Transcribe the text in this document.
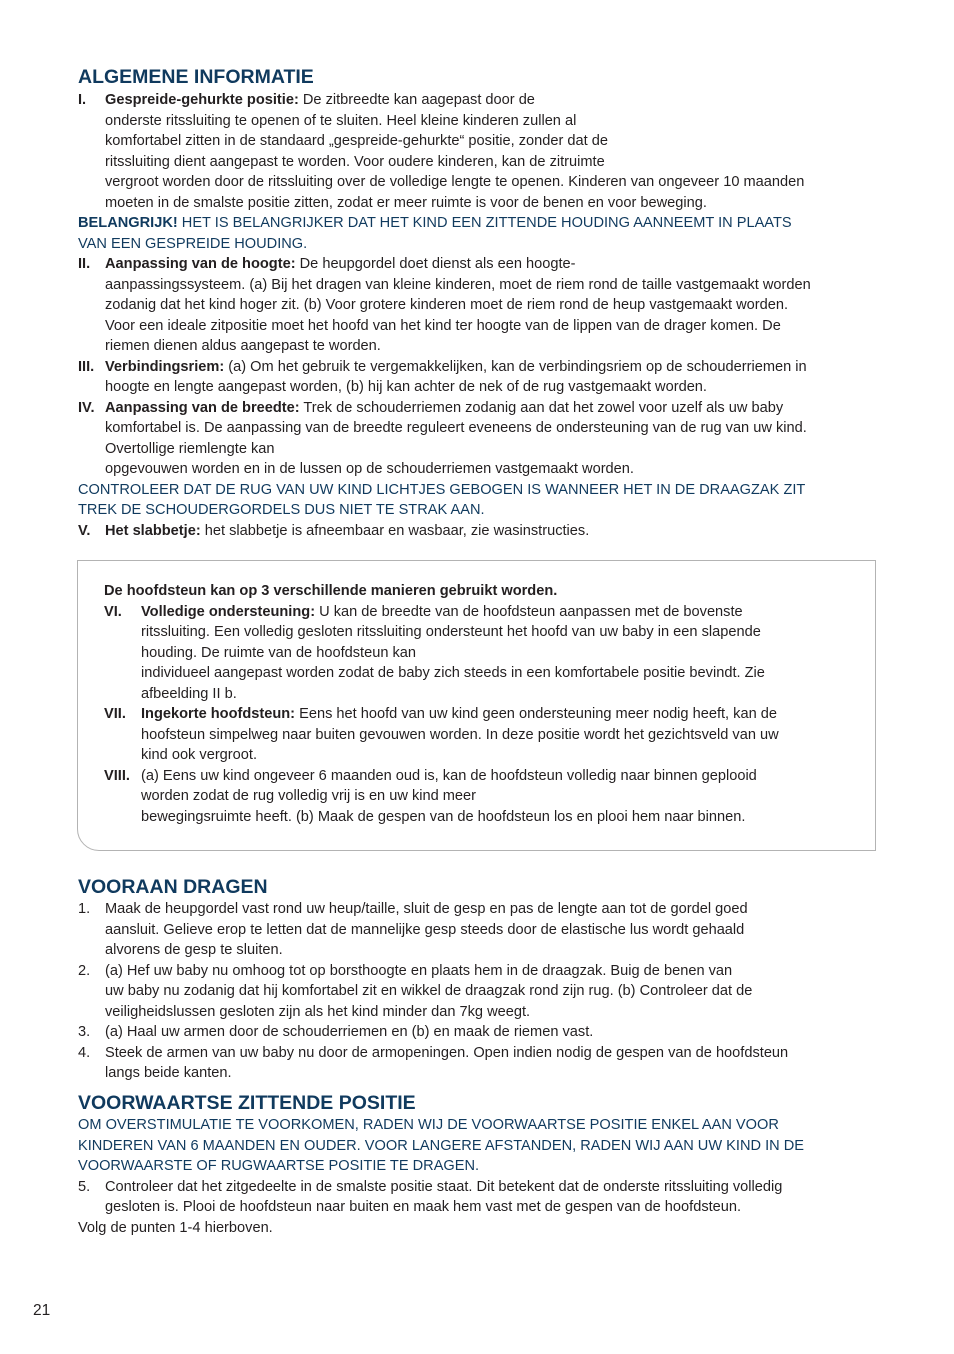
ALGEMENE INFORMATIE
I. Gespreide-gehurkte positie: De zitbreedte kan aagepast door de
onderste ritssluiting te openen of te sluiten. Heel kleine kinderen zullen al
komfortabel zitten in de standaard „gespreide-gehurkte“ positie, zonder dat de
ritssluiting dient aangepast te worden. Voor oudere kinderen, kan de zitruimte
vergroot worden door de ritssluiting over de volledige lengte te openen. Kinderen van ongeveer 10 maanden
moeten in de smalste positie zitten, zodat er meer ruimte is voor de benen en voor beweging.
BELANGRIJK! HET IS BELANGRIJKER DAT HET KIND EEN ZITTENDE HOUDING AANNEEMT IN PLAATS
VAN EEN GESPREIDE HOUDING.
II. Aanpassing van de hoogte: De heupgordel doet dienst als een hoogte-
aanpassingssysteem. (a) Bij het dragen van kleine kinderen, moet de riem rond de taille vastgemaakt worden
zodanig dat het kind hoger zit. (b) Voor grotere kinderen moet de riem rond de heup vastgemaakt worden.
Voor een ideale zitpositie moet het hoofd van het kind ter hoogte van de lippen van de drager komen. De
riemen dienen aldus aangepast te worden.
III. Verbindingsriem: (a) Om het gebruik te vergemakkelijken, kan de verbindingsriem op de schouderriemen in
hoogte en lengte aangepast worden, (b) hij kan achter de nek of de rug vastgemaakt worden.
IV. Aanpassing van de breedte: Trek de schouderriemen zodanig aan dat het zowel voor uzelf als uw baby
komfortabel is. De aanpassing van de breedte reguleert eveneens de ondersteuning van de rug van uw kind.
Overtollige riemlengte kan
opgevouwen worden en in de lussen op de schouderriemen vastgemaakt worden.
CONTROLEER DAT DE RUG VAN UW KIND LICHTJES GEBOGEN IS WANNEER HET IN DE DRAAGZAK ZIT
TREK DE SCHOUDERGORDELS DUS NIET TE STRAK AAN.
V. Het slabbetje: het slabbetje is afneembaar en wasbaar, zie wasinstructies.
De hoofdsteun kan op 3 verschillende manieren gebruikt worden.
VI. Volledige ondersteuning: U kan de breedte van de hoofdsteun aanpassen met de bovenste
ritssluiting. Een volledig gesloten ritssluiting ondersteunt het hoofd van uw baby in een slapende
houding. De ruimte van de hoofdsteun kan
individueel aangepast worden zodat de baby zich steeds in een komfortabele positie bevindt. Zie
afbeelding II b.
VII. Ingekorte hoofdsteun: Eens het hoofd van uw kind geen ondersteuning meer nodig heeft, kan de
hoofsteun simpelweg naar buiten gevouwen worden. In deze positie wordt het gezichtsveld van uw
kind ook vergroot.
VIII. (a) Eens uw kind ongeveer 6 maanden oud is, kan de hoofdsteun volledig naar binnen geplooid
worden zodat de rug volledig vrij is en uw kind meer
bewegingsruimte heeft. (b) Maak de gespen van de hoofdsteun los en plooi hem naar binnen.
VOORAAN DRAGEN
1. Maak de heupgordel vast rond uw heup/taille, sluit de gesp en pas de lengte aan tot de gordel goed
aansluit. Gelieve erop te letten dat de mannelijke gesp steeds door de elastische lus wordt gehaald
alvorens de gesp te sluiten.
2. (a) Hef uw baby nu omhoog tot op borsthoogte en plaats hem in de draagzak. Buig de benen van
uw baby nu zodanig dat hij komfortabel zit en wikkel de draagzak rond zijn rug. (b) Controleer dat de
veiligheidslussen gesloten zijn als het kind minder dan 7kg weegt.
3. (a) Haal uw armen door de schouderriemen en (b) en maak de riemen vast.
4. Steek de armen van uw baby nu door de armopeningen. Open indien nodig de gespen van de hoofdsteun
langs beide kanten.
VOORWAARTSE ZITTENDE POSITIE
OM OVERSTIMULATIE TE VOORKOMEN, RADEN WIJ DE VOORWAARTSE POSITIE ENKEL AAN VOOR
KINDEREN VAN 6 MAANDEN EN OUDER. VOOR LANGERE AFSTANDEN, RADEN WIJ AAN UW KIND IN DE
VOORWAARSTE OF RUGWAARTSE POSITIE TE DRAGEN.
5. Controleer dat het zitgedeelte in de smalste positie staat. Dit betekent dat de onderste ritssluiting volledig
gesloten is. Plooi de hoofdsteun naar buiten en maak hem vast met de gespen van de hoofdsteun.
Volg de punten 1-4 hierboven.
21
